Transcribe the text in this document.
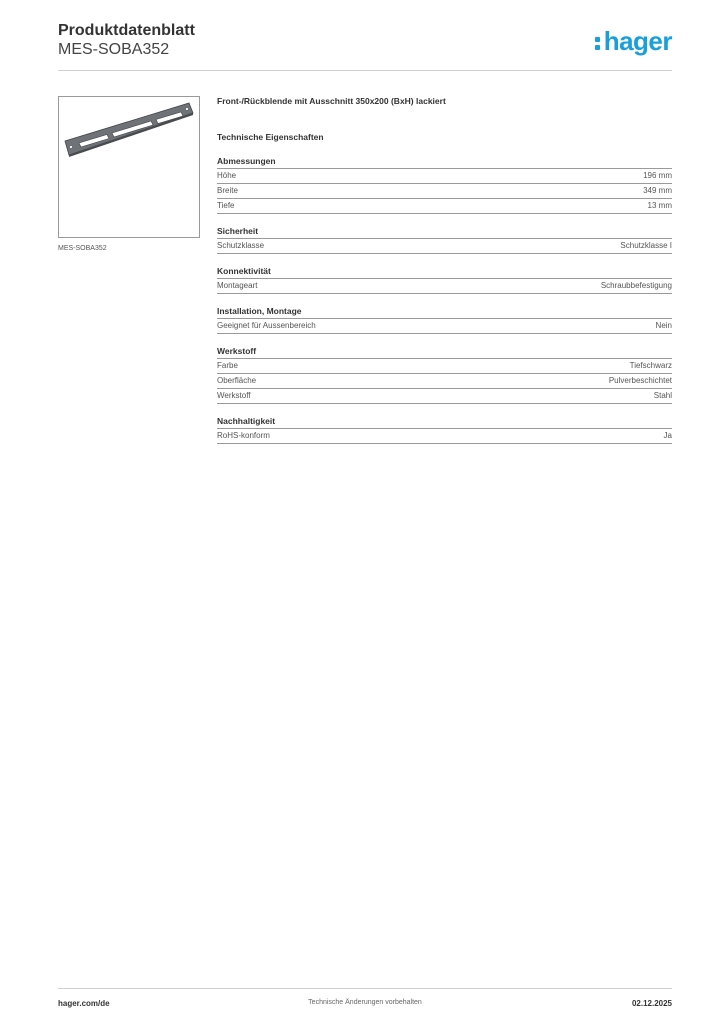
Produktdatenblatt
MES-SOBA352	hager
MES-SOBA352
Front-/Rückblende mit Ausschnitt 350x200 (BxH) lackiert
Technische Eigenschaften
Abmessungen
Höhe	196 mm
Breite	349 mm
Tiefe	13 mm
Sicherheit
Schutzklasse	Schutzklasse I
Konnektivität
Montageart	Schraubbefestigung
Installation, Montage
Geeignet für Aussenbereich	Nein
Werkstoff
Farbe	Tiefschwarz
Oberfläche	Pulverbeschichtet
Werkstoff	Stahl
Nachhaltigkeit
RoHS-konform	Ja
hager.com/de	Technische Änderungen vorbehalten	02.12.2025
